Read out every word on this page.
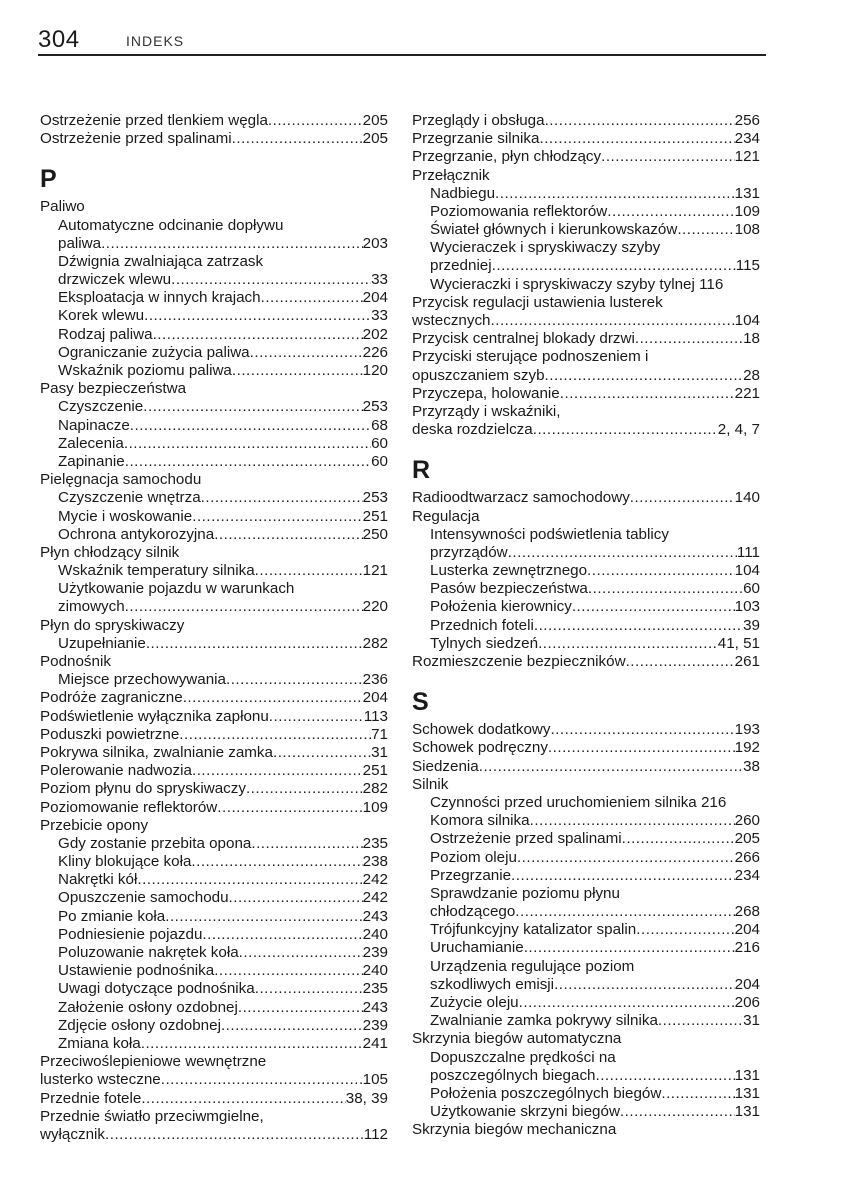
304	INDEKS
Ostrzeżenie przed tlenkiem węgla .....	205
Ostrzeżenie przed spalinami .....	205
P
Paliwo
Automatyczne odcinanie dopływu
paliwa .....	203
Dźwignia zwalniająca zatrzask
drzwiczek wlewu .....	33
Eksploatacja w innych krajach .....	204
Korek wlewu .....	33
Rodzaj paliwa .....	202
Ograniczanie zużycia paliwa .....	226
Wskaźnik poziomu paliwa .....	120
Pasy bezpieczeństwa
Czyszczenie .....	253
Napinacze .....	68
Zalecenia .....	60
Zapinanie .....	60
Pielęgnacja samochodu
Czyszczenie wnętrza .....	253
Mycie i woskowanie .....	251
Ochrona antykorozyjna .....	250
Płyn chłodzący silnik
Wskaźnik temperatury silnika .....	121
Użytkowanie pojazdu w warunkach
zimowych .....	220
Płyn do spryskiwaczy
Uzupełnianie .....	282
Podnośnik
Miejsce przechowywania .....	236
Podróże zagraniczne .....	204
Podświetlenie wyłącznika zapłonu .....	113
Poduszki powietrzne .....	71
Pokrywa silnika, zwalnianie zamka .....	31
Polerowanie nadwozia .....	251
Poziom płynu do spryskiwaczy .....	282
Poziomowanie reflektorów .....	109
Przebicie opony
Gdy zostanie przebita opona .....	235
Kliny blokujące koła .....	238
Nakrętki kół .....	242
Opuszczenie samochodu .....	242
Po zmianie koła .....	243
Podniesienie pojazdu .....	240
Poluzowanie nakrętek koła .....	239
Ustawienie podnośnika .....	240
Uwagi dotyczące podnośnika .....	235
Założenie osłony ozdobnej .....	243
Zdjęcie osłony ozdobnej .....	239
Zmiana koła .....	241
Przeciwoślepieniowe wewnętrzne
lusterko wsteczne .....	105
Przednie fotele .....	38, 39
Przednie światło przeciwmgielne,
wyłącznik .....	112
Przeglądy i obsługa .....	256
Przegrzanie silnika .....	234
Przegrzanie, płyn chłodzący .....	121
Przełącznik
Nadbiegu .....	131
Poziomowania reflektorów .....	109
Świateł głównych i kierunkowskazów .....	108
Wycieraczek i spryskiwaczy szyby
przedniej .....	115
Wycieraczki i spryskiwaczy szyby tylnej 116
Przycisk regulacji ustawienia lusterek
wstecznych .....	104
Przycisk centralnej blokady drzwi .....	18
Przyciski sterujące podnoszeniem i
opuszczaniem szyb .....	28
Przyczepa, holowanie .....	221
Przyrządy i wskaźniki,
deska rozdzielcza .....	2, 4, 7
R
Radioodtwarzacz samochodowy .....	140
Regulacja
Intensywności podświetlenia tablicy
przyrządów .....	111
Lusterka zewnętrznego .....	104
Pasów bezpieczeństwa .....	60
Położenia kierownicy .....	103
Przednich foteli .....	39
Tylnych siedzeń .....	41, 51
Rozmieszczenie bezpieczników .....	261
S
Schowek dodatkowy .....	193
Schowek podręczny .....	192
Siedzenia .....	38
Silnik
Czynności przed uruchomieniem silnika 216
Komora silnika .....	260
Ostrzeżenie przed spalinami .....	205
Poziom oleju .....	266
Przegrzanie .....	234
Sprawdzanie poziomu płynu
chłodzącego .....	268
Trójfunkcyjny katalizator spalin .....	204
Uruchamianie .....	216
Urządzenia regulujące poziom
szkodliwych emisji .....	204
Zużycie oleju .....	206
Zwalnianie zamka pokrywy silnika .....	31
Skrzynia biegów automatyczna
Dopuszczalne prędkości na
poszczególnych biegach .....	131
Położenia poszczególnych biegów .....	131
Użytkowanie skrzyni biegów .....	131
Skrzynia biegów mechaniczna
